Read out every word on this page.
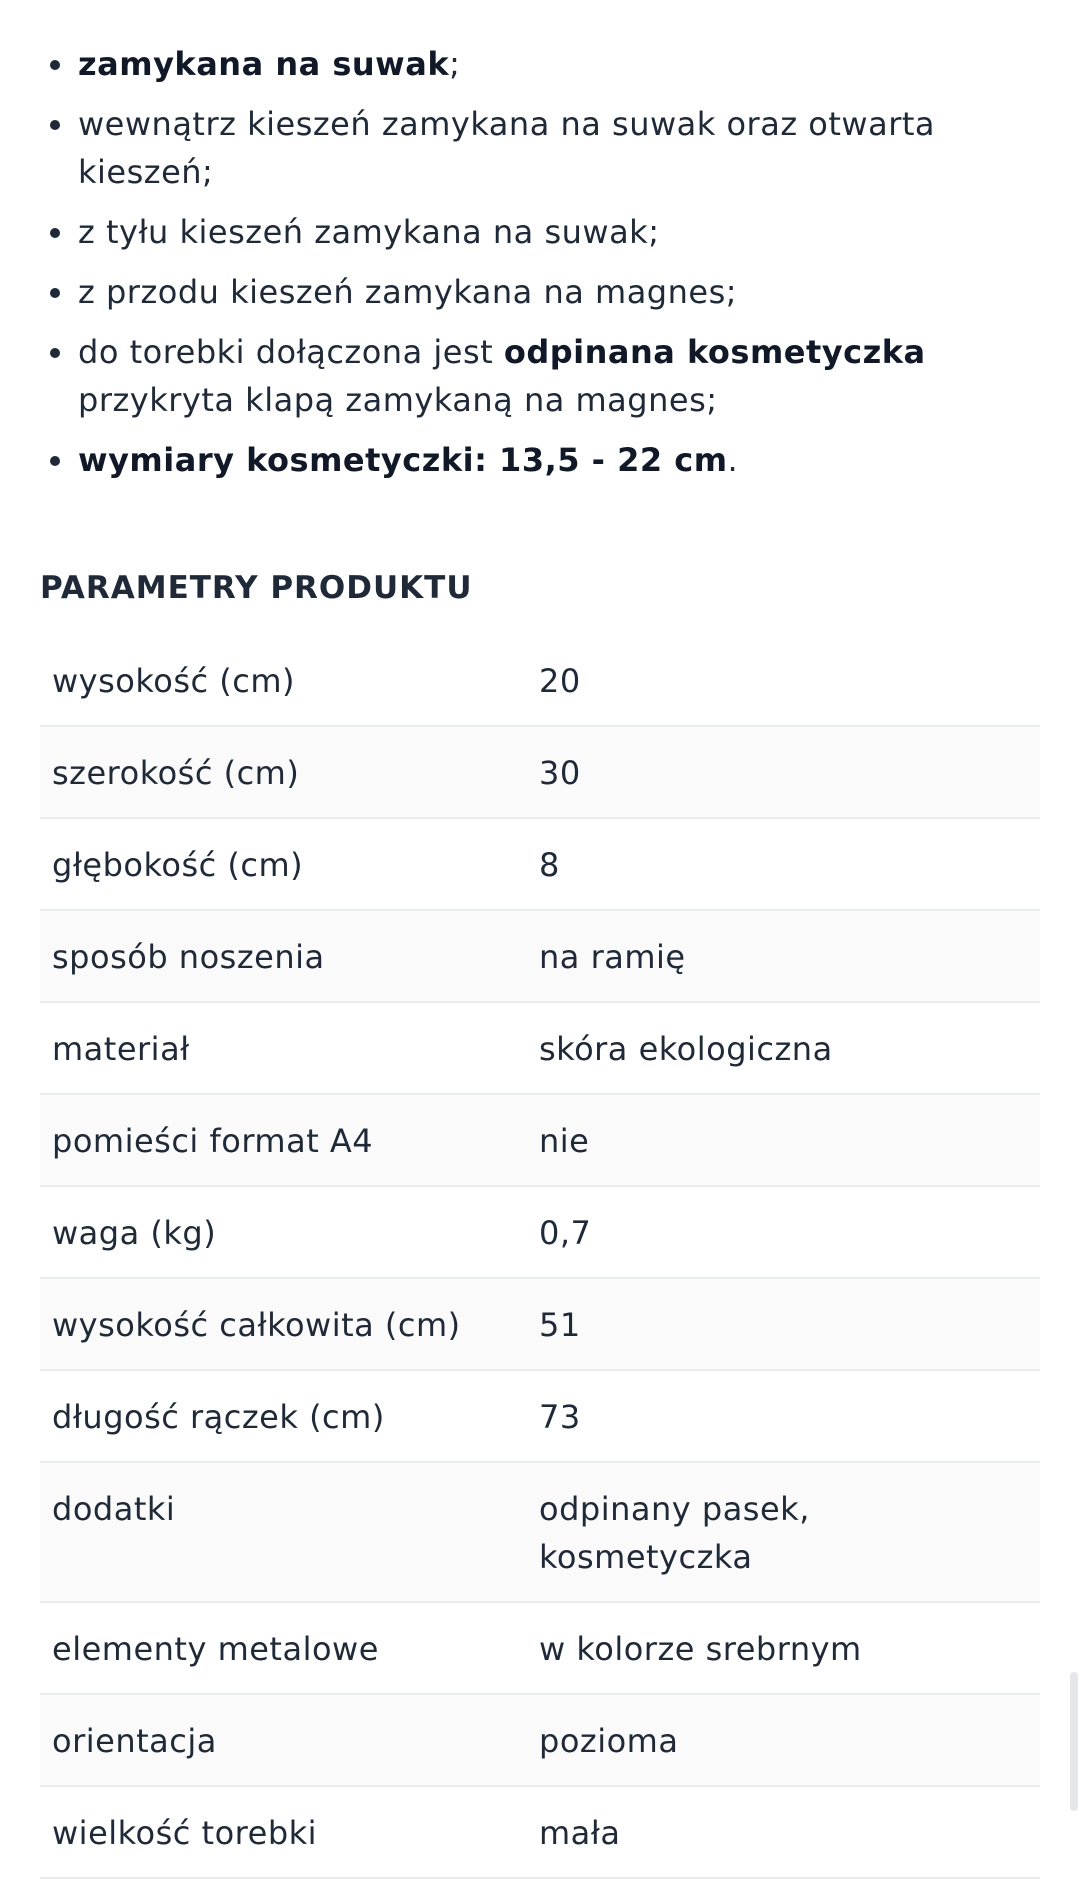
zamykana na suwak;
wewnątrz kieszeń zamykana na suwak oraz otwarta kieszeń;
z tyłu kieszeń zamykana na suwak;
z przodu kieszeń zamykana na magnes;
do torebki dołączona jest odpinana kosmetyczka przykryta klapą zamykaną na magnes;
wymiary kosmetyczki: 13,5 - 22 cm.
PARAMETRY PRODUKTU
wysokość (cm)	20
szerokość (cm)	30
głębokość (cm)	8
sposób noszenia	na ramię
materiał	skóra ekologiczna
pomieści format A4	nie
waga (kg)	0,7
wysokość całkowita (cm)	51
długość rączek (cm)	73
dodatki	odpinany pasek, kosmetyczka
elementy metalowe	w kolorze srebrnym
orientacja	pozioma
wielkość torebki	mała
